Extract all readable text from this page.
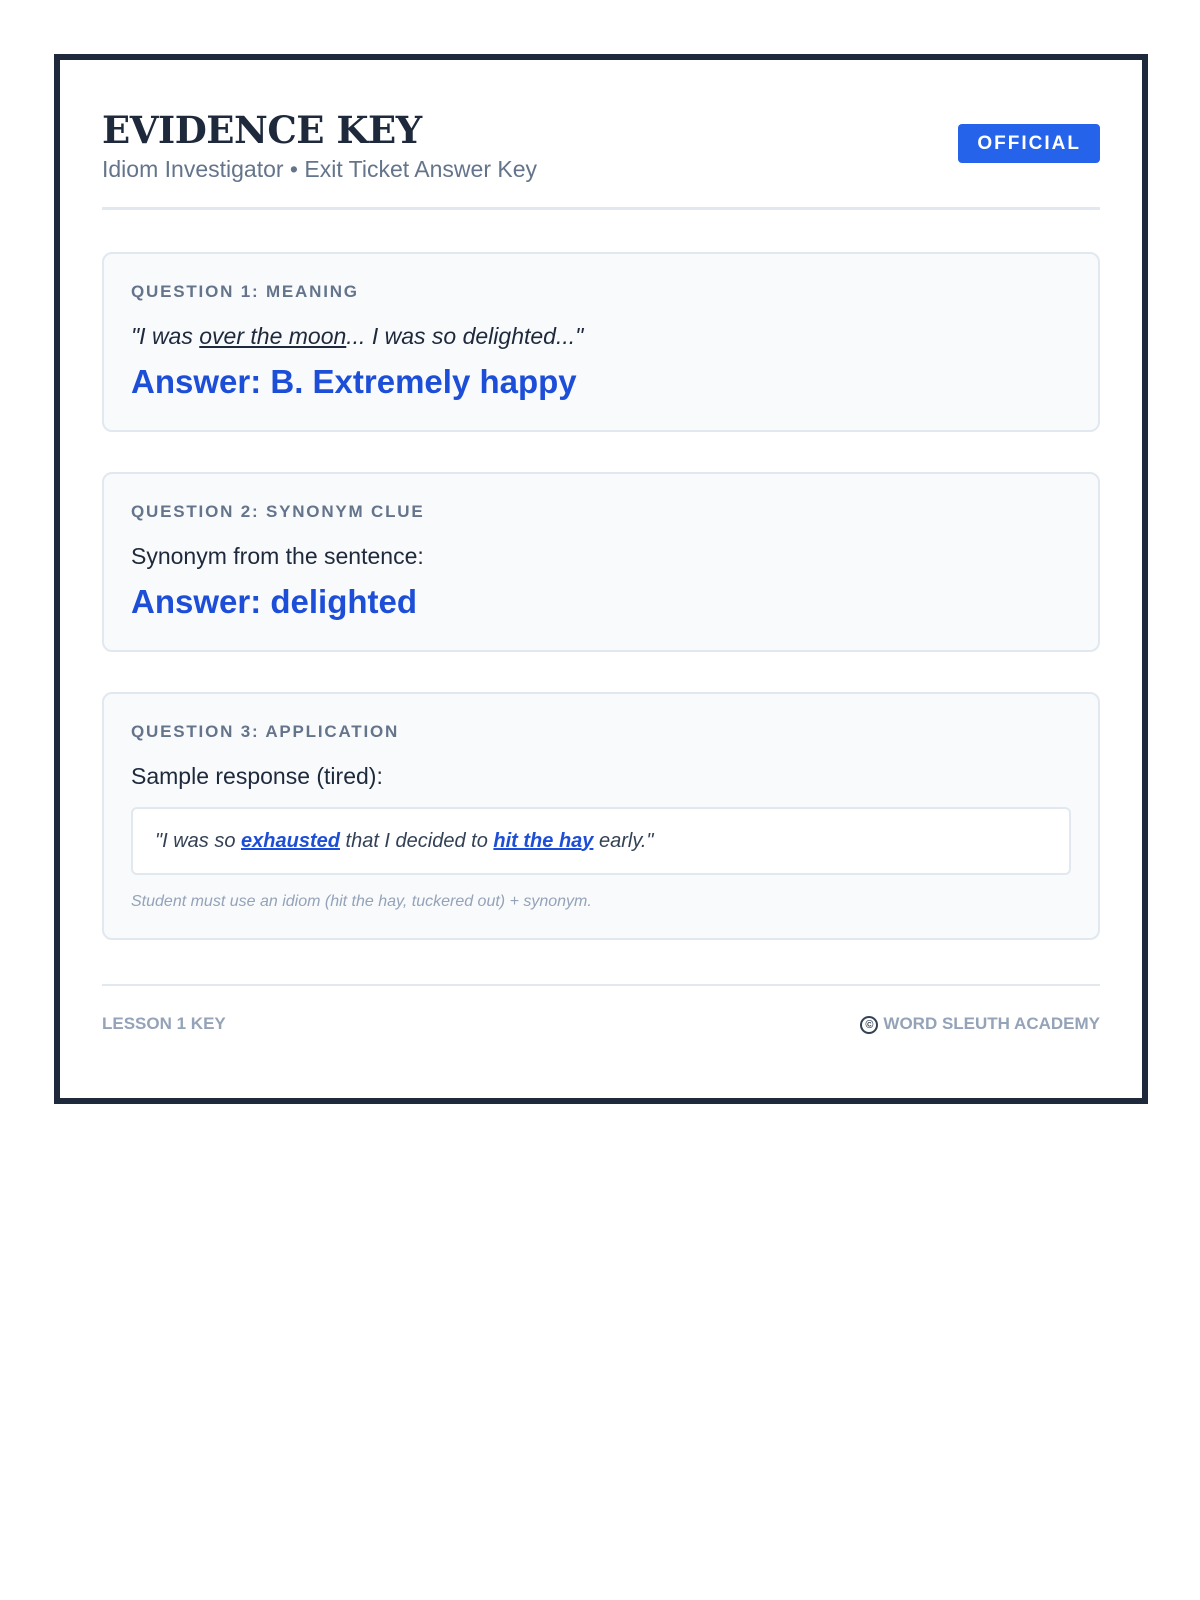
EVIDENCE KEY
Idiom Investigator • Exit Ticket Answer Key
OFFICIAL
QUESTION 1: MEANING
"I was over the moon... I was so delighted..."
Answer: B. Extremely happy
QUESTION 2: SYNONYM CLUE
Synonym from the sentence:
Answer: delighted
QUESTION 3: APPLICATION
Sample response (tired):
"I was so exhausted that I decided to hit the hay early."
Student must use an idiom (hit the hay, tuckered out) + synonym.
LESSON 1 KEY	© WORD SLEUTH ACADEMY
